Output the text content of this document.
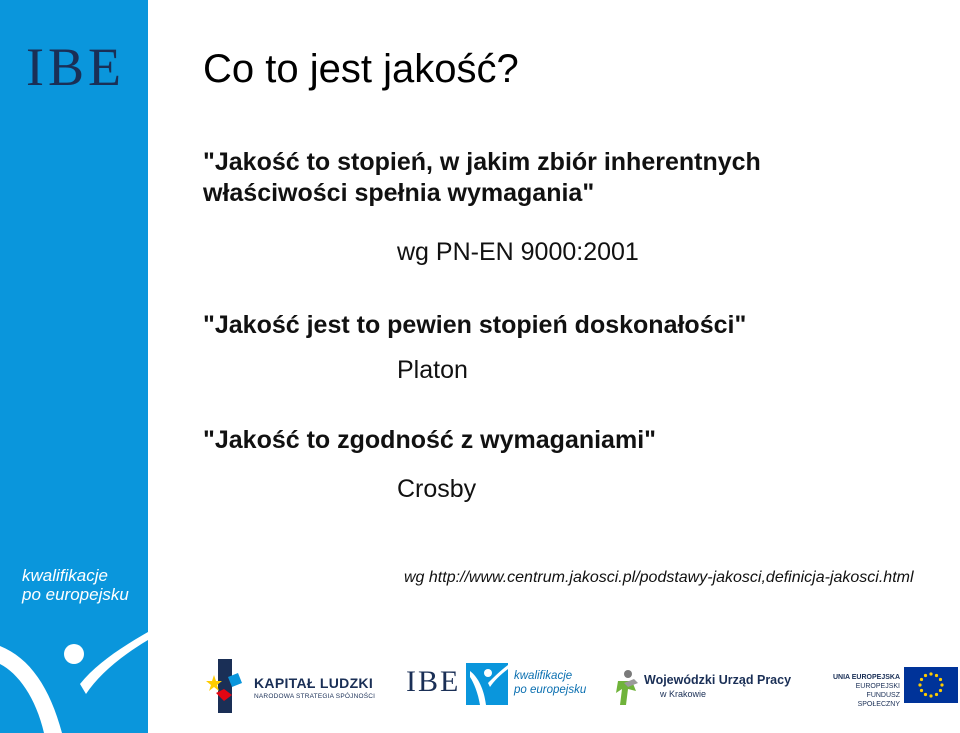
IBE
kwalifikacje
po europejsku
Co to jest jakość?
"Jakość to stopień, w jakim zbiór inherentnych właściwości spełnia wymagania"
wg PN-EN 9000:2001
"Jakość jest to pewien stopień doskonałości"
Platon
"Jakość to zgodność z wymaganiami"
Crosby
wg http://www.centrum.jakosci.pl/podstawy-jakosci,definicja-jakosci.html
KAPITAŁ LUDZKI
NARODOWA STRATEGIA SPÓJNOŚCI IBE	kwalifikacje
po europejsku
Wojewódzki Urząd Pracy
w Krakowie
UNIA EUROPEJSKA
EUROPEJSKI
FUNDUSZ SPOŁECZNY
